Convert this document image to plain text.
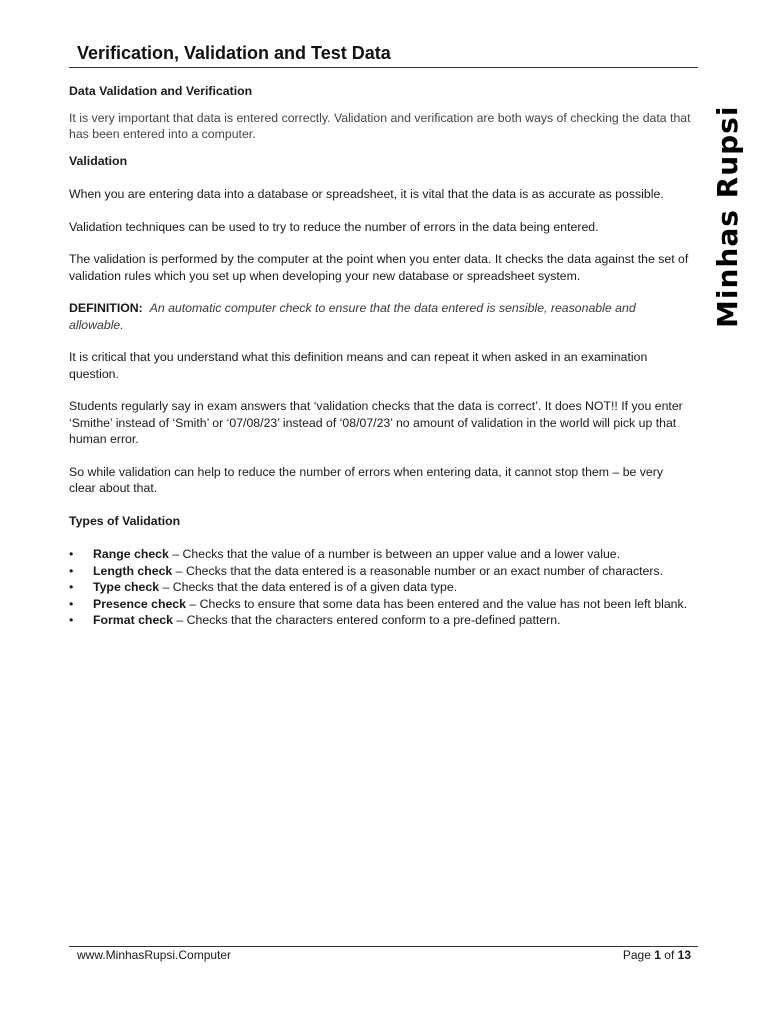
Verification, Validation and Test Data
Minhas Rupsi

Data Validation and Verification

It is very important that data is entered correctly. Validation and verification are both ways of checking the data that has been entered into a computer.

Validation

When you are entering data into a database or spreadsheet, it is vital that the data is as accurate as possible.

Validation techniques can be used to try to reduce the number of errors in the data being entered.

The validation is performed by the computer at the point when you enter data. It checks the data against the set of validation rules which you set up when developing your new database or spreadsheet system.

DEFINITION: An automatic computer check to ensure that the data entered is sensible, reasonable and allowable.

It is critical that you understand what this definition means and can repeat it when asked in an examination question.

Students regularly say in exam answers that ‘validation checks that the data is correct’. It does NOT!! If you enter ‘Smithe’ instead of ‘Smith’ or ‘07/08/23’ instead of ‘08/07/23’ no amount of validation in the world will pick up that human error.

So while validation can help to reduce the number of errors when entering data, it cannot stop them – be very clear about that.

Types of Validation

• Range check – Checks that the value of a number is between an upper value and a lower value.
• Length check – Checks that the data entered is a reasonable number or an exact number of characters.
• Type check – Checks that the data entered is of a given data type.
• Presence check – Checks to ensure that some data has been entered and the value has not been left blank.
• Format check – Checks that the characters entered conform to a pre-defined pattern.
www.MinhasRupsi.Computer	Page 1 of 13
